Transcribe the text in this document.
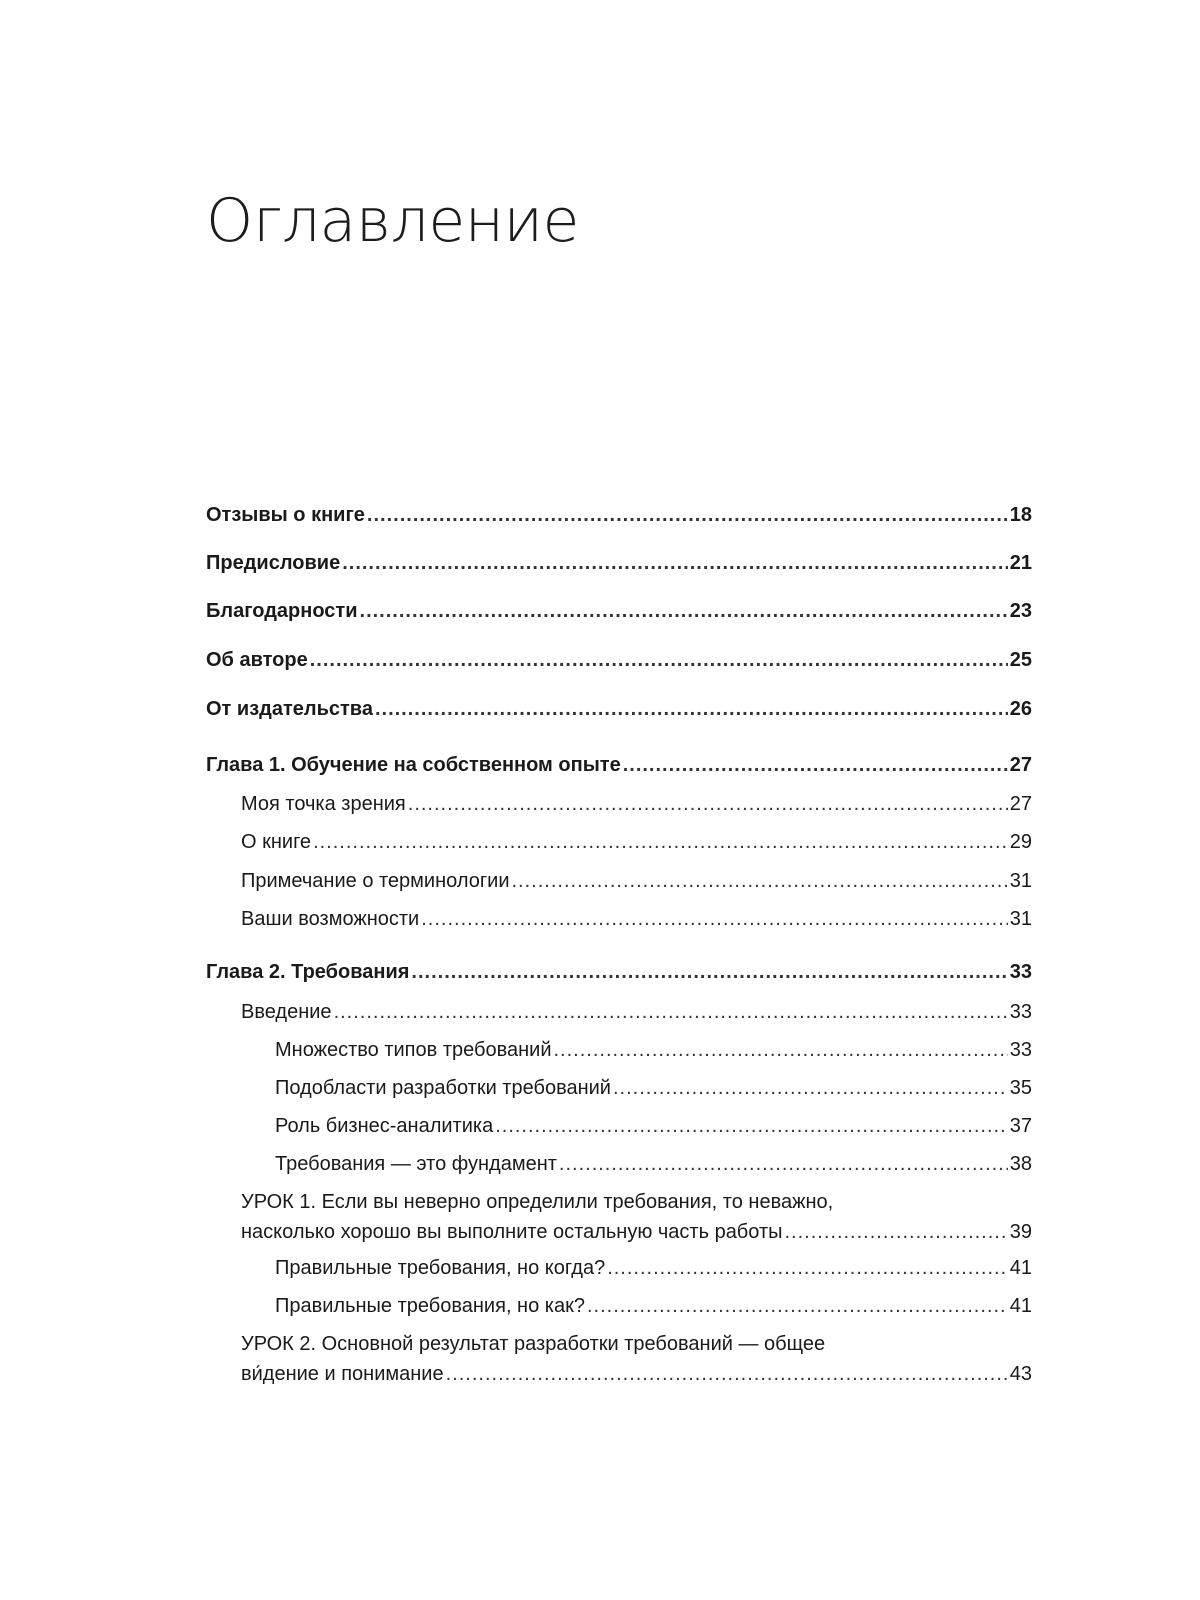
Оглавление
Отзывы о книге .....	18
Предисловие .....	21
Благодарности .....	23
Об авторе .....	25
От издательства .....	26
Глава 1. Обучение на собственном опыте .....	27
Моя точка зрения .....	27
О книге .....	29
Примечание о терминологии .....	31
Ваши возможности .....	31
Глава 2. Требования .....	33
Введение .....	33
Множество типов требований .....	33
Подобласти разработки требований .....	35
Роль бизнес-аналитика .....	37
Требования — это фундамент .....	38
УРОК 1. Если вы неверно определили требования, то неважно,
насколько хорошо вы выполните остальную часть работы .....	39
Правильные требования, но когда? .....	41
Правильные требования, но как? .....	41
УРОК 2. Основной результат разработки требований — общее
ви́дение и понимание .....	43
